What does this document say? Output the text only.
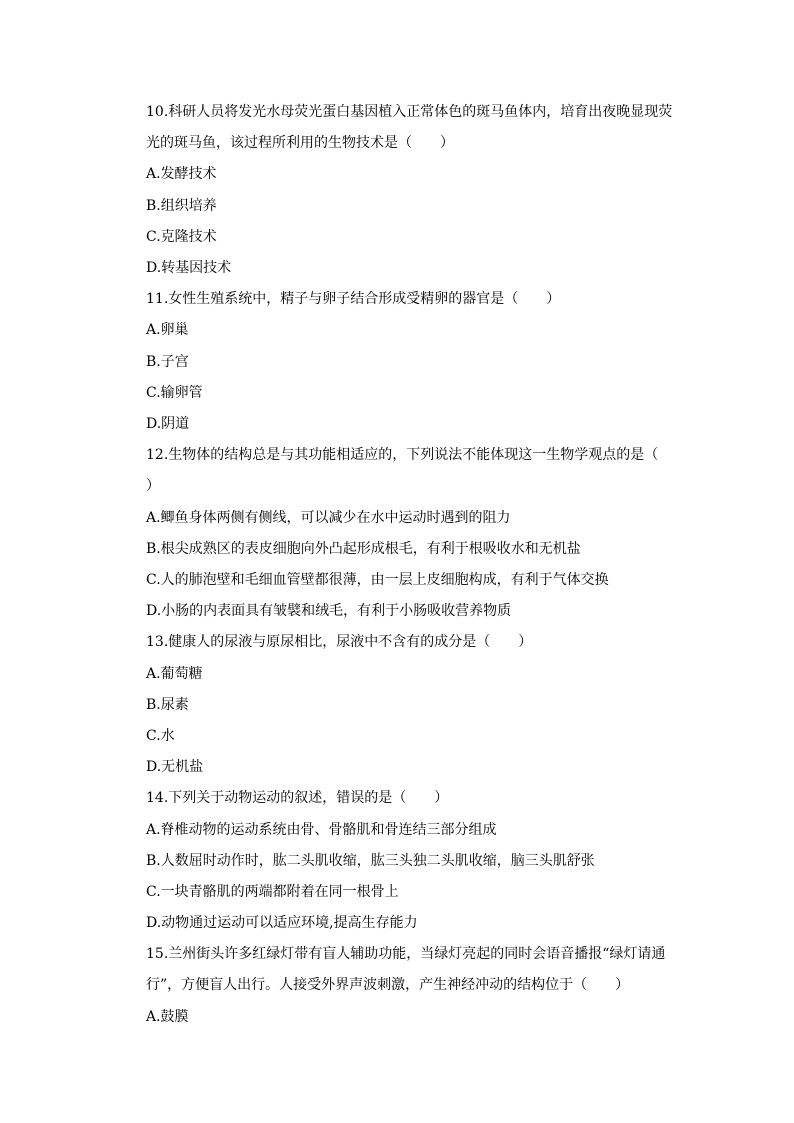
10.科研人员将发光水母荧光蛋白基因植入正常体色的斑马鱼体内，培育出夜晚显现荧
光的斑马鱼，该过程所利用的生物技术是（　　）
A.发酵技术
B.组织培养
C.克隆技术
D.转基因技术
11.女性生殖系统中，精子与卵子结合形成受精卵的器官是（　　）
A.卵巢
B.子宫
C.输卵管
D.阴道
12.生物体的结构总是与其功能相适应的，下列说法不能体现这一生物学观点的是（
）
A.鲫鱼身体两侧有侧线，可以减少在水中运动时遇到的阻力
B.根尖成熟区的表皮细胞向外凸起形成根毛，有利于根吸收水和无机盐
C.人的肺泡壁和毛细血管壁都很薄，由一层上皮细胞构成，有利于气体交换
D.小肠的内表面具有皱襞和绒毛，有利于小肠吸收营养物质
13.健康人的尿液与原尿相比，尿液中不含有的成分是（　　）
A.葡萄糖
B.尿素
C.水
D.无机盐
14.下列关于动物运动的叙述，错误的是（　　）
A.脊椎动物的运动系统由骨、骨骼肌和骨连结三部分组成
B.人数屈时动作时，肱二头肌收缩，肱三头独二头肌收缩，脑三头肌舒张
C.一块青骼肌的两端都附着在同一根骨上
D.动物通过运动可以适应环境,提高生存能力
15.兰州街头许多红绿灯带有盲人辅助功能，当绿灯亮起的同时会语音播报“绿灯请通
行”，方便盲人出行。人接受外界声波刺激，产生神经冲动的结构位于（　　）
A.鼓膜
